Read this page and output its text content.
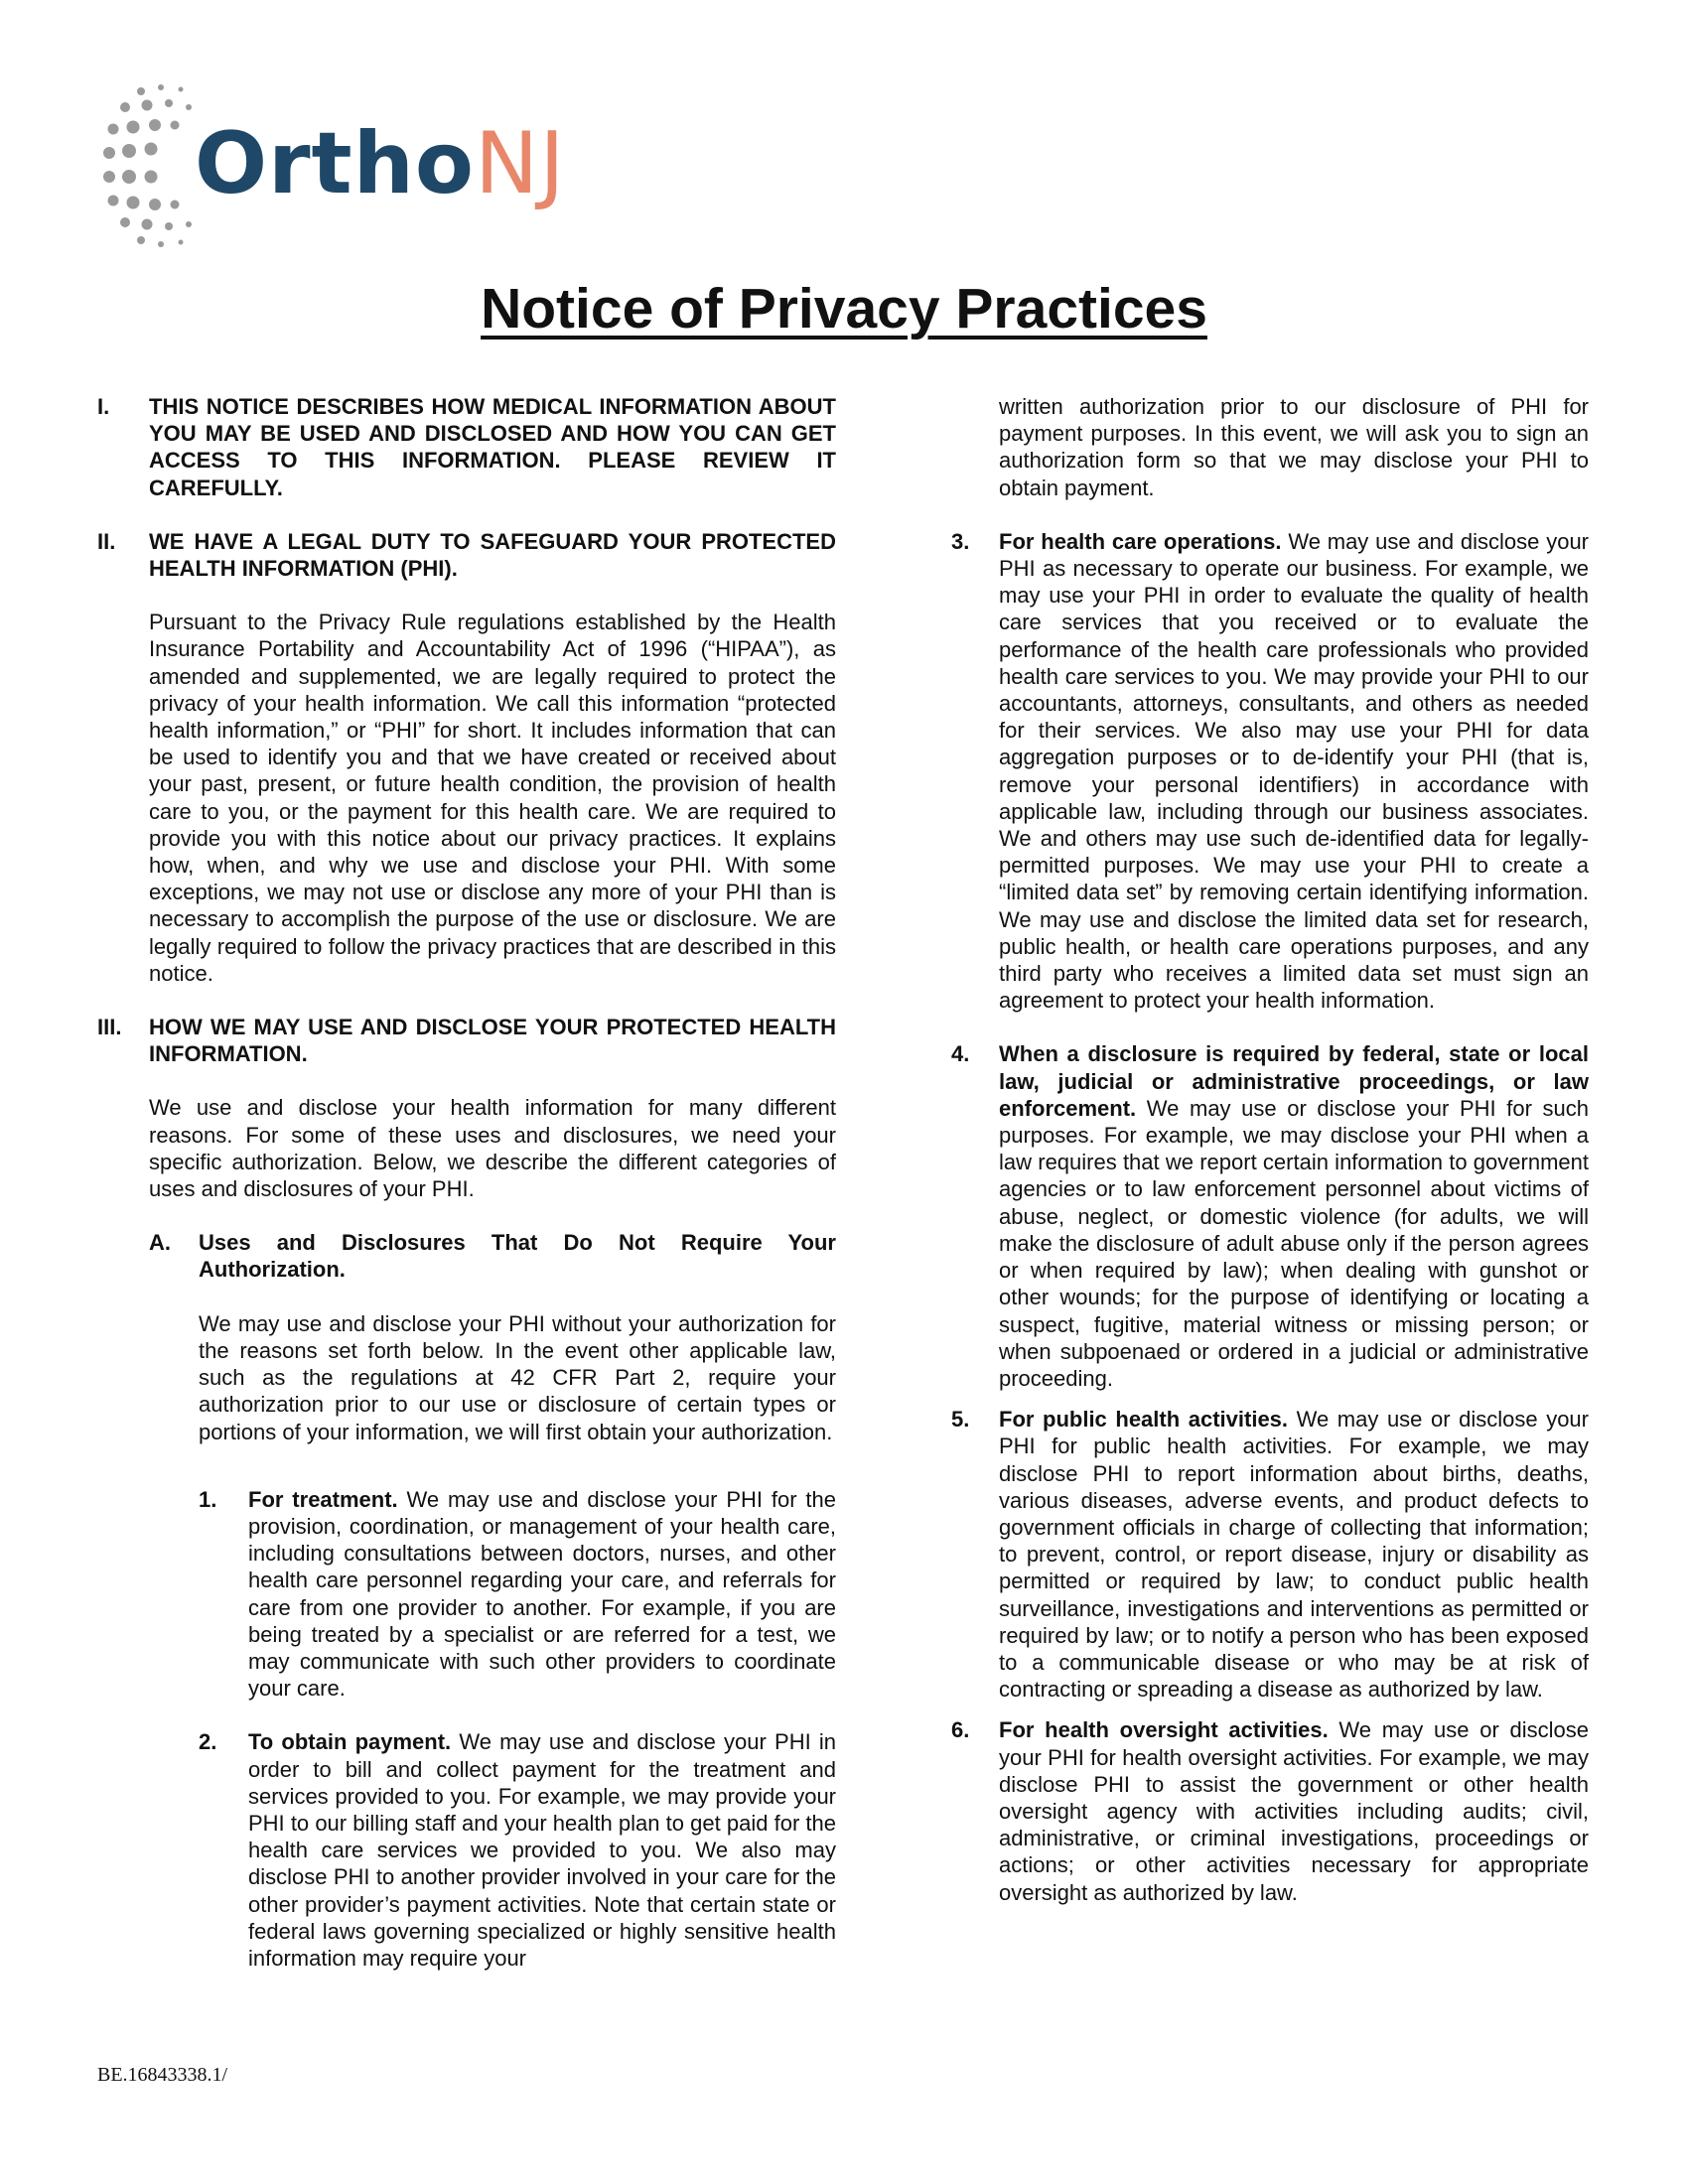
OrthoNJ
Notice of Privacy Practices
I.	THIS NOTICE DESCRIBES HOW MEDICAL INFORMATION ABOUT YOU MAY BE USED AND DISCLOSED AND HOW YOU CAN GET ACCESS TO THIS INFORMATION. PLEASE REVIEW IT CAREFULLY.

II.	WE HAVE A LEGAL DUTY TO SAFEGUARD YOUR PROTECTED HEALTH INFORMATION (PHI).

Pursuant to the Privacy Rule regulations established by the Health Insurance Portability and Accountability Act of 1996 (“HIPAA”), as amended and supplemented, we are legally required to protect the privacy of your health information. We call this information “protected health information,” or “PHI” for short. It includes information that can be used to identify you and that we have created or received about your past, present, or future health condition, the provision of health care to you, or the payment for this health care. We are required to provide you with this notice about our privacy practices. It explains how, when, and why we use and disclose your PHI. With some exceptions, we may not use or disclose any more of your PHI than is necessary to accomplish the purpose of the use or disclosure. We are legally required to follow the privacy practices that are described in this notice.

III.	HOW WE MAY USE AND DISCLOSE YOUR PROTECTED HEALTH INFORMATION.

We use and disclose your health information for many different reasons. For some of these uses and disclosures, we need your specific authorization. Below, we describe the different categories of uses and disclosures of your PHI.

A.	Uses and Disclosures That Do Not Require Your Authorization.

We may use and disclose your PHI without your authorization for the reasons set forth below. In the event other applicable law, such as the regulations at 42 CFR Part 2, require your authorization prior to our use or disclosure of certain types or portions of your information, we will first obtain your authorization.

1.	For treatment. We may use and disclose your PHI for the provision, coordination, or management of your health care, including consultations between doctors, nurses, and other health care personnel regarding your care, and referrals for care from one provider to another. For example, if you are being treated by a specialist or are referred for a test, we may communicate with such other providers to coordinate your care.

2.	To obtain payment. We may use and disclose your PHI in order to bill and collect payment for the treatment and services provided to you. For example, we may provide your PHI to our billing staff and your health plan to get paid for the health care services we provided to you. We also may disclose PHI to another provider involved in your care for the other provider’s payment activities. Note that certain state or federal laws governing specialized or highly sensitive health information may require your

written authorization prior to our disclosure of PHI for payment purposes. In this event, we will ask you to sign an authorization form so that we may disclose your PHI to obtain payment.

3.	For health care operations. We may use and disclose your PHI as necessary to operate our business. For example, we may use your PHI in order to evaluate the quality of health care services that you received or to evaluate the performance of the health care professionals who provided health care services to you. We may provide your PHI to our accountants, attorneys, consultants, and others as needed for their services. We also may use your PHI for data aggregation purposes or to de-identify your PHI (that is, remove your personal identifiers) in accordance with applicable law, including through our business associates. We and others may use such de-identified data for legally-permitted purposes. We may use your PHI to create a “limited data set” by removing certain identifying information. We may use and disclose the limited data set for research, public health, or health care operations purposes, and any third party who receives a limited data set must sign an agreement to protect your health information.

4.	When a disclosure is required by federal, state or local law, judicial or administrative proceedings, or law enforcement. We may use or disclose your PHI for such purposes. For example, we may disclose your PHI when a law requires that we report certain information to government agencies or to law enforcement personnel about victims of abuse, neglect, or domestic violence (for adults, we will make the disclosure of adult abuse only if the person agrees or when required by law); when dealing with gunshot or other wounds; for the purpose of identifying or locating a suspect, fugitive, material witness or missing person; or when subpoenaed or ordered in a judicial or administrative proceeding.

5.	For public health activities. We may use or disclose your PHI for public health activities. For example, we may disclose PHI to report information about births, deaths, various diseases, adverse events, and product defects to government officials in charge of collecting that information; to prevent, control, or report disease, injury or disability as permitted or required by law; to conduct public health surveillance, investigations and interventions as permitted or required by law; or to notify a person who has been exposed to a communicable disease or who may be at risk of contracting or spreading a disease as authorized by law.

6.	For health oversight activities. We may use or disclose your PHI for health oversight activities. For example, we may disclose PHI to assist the government or other health oversight agency with activities including audits; civil, administrative, or criminal investigations, proceedings or actions; or other activities necessary for appropriate oversight as authorized by law.

BE.16843338.1/
